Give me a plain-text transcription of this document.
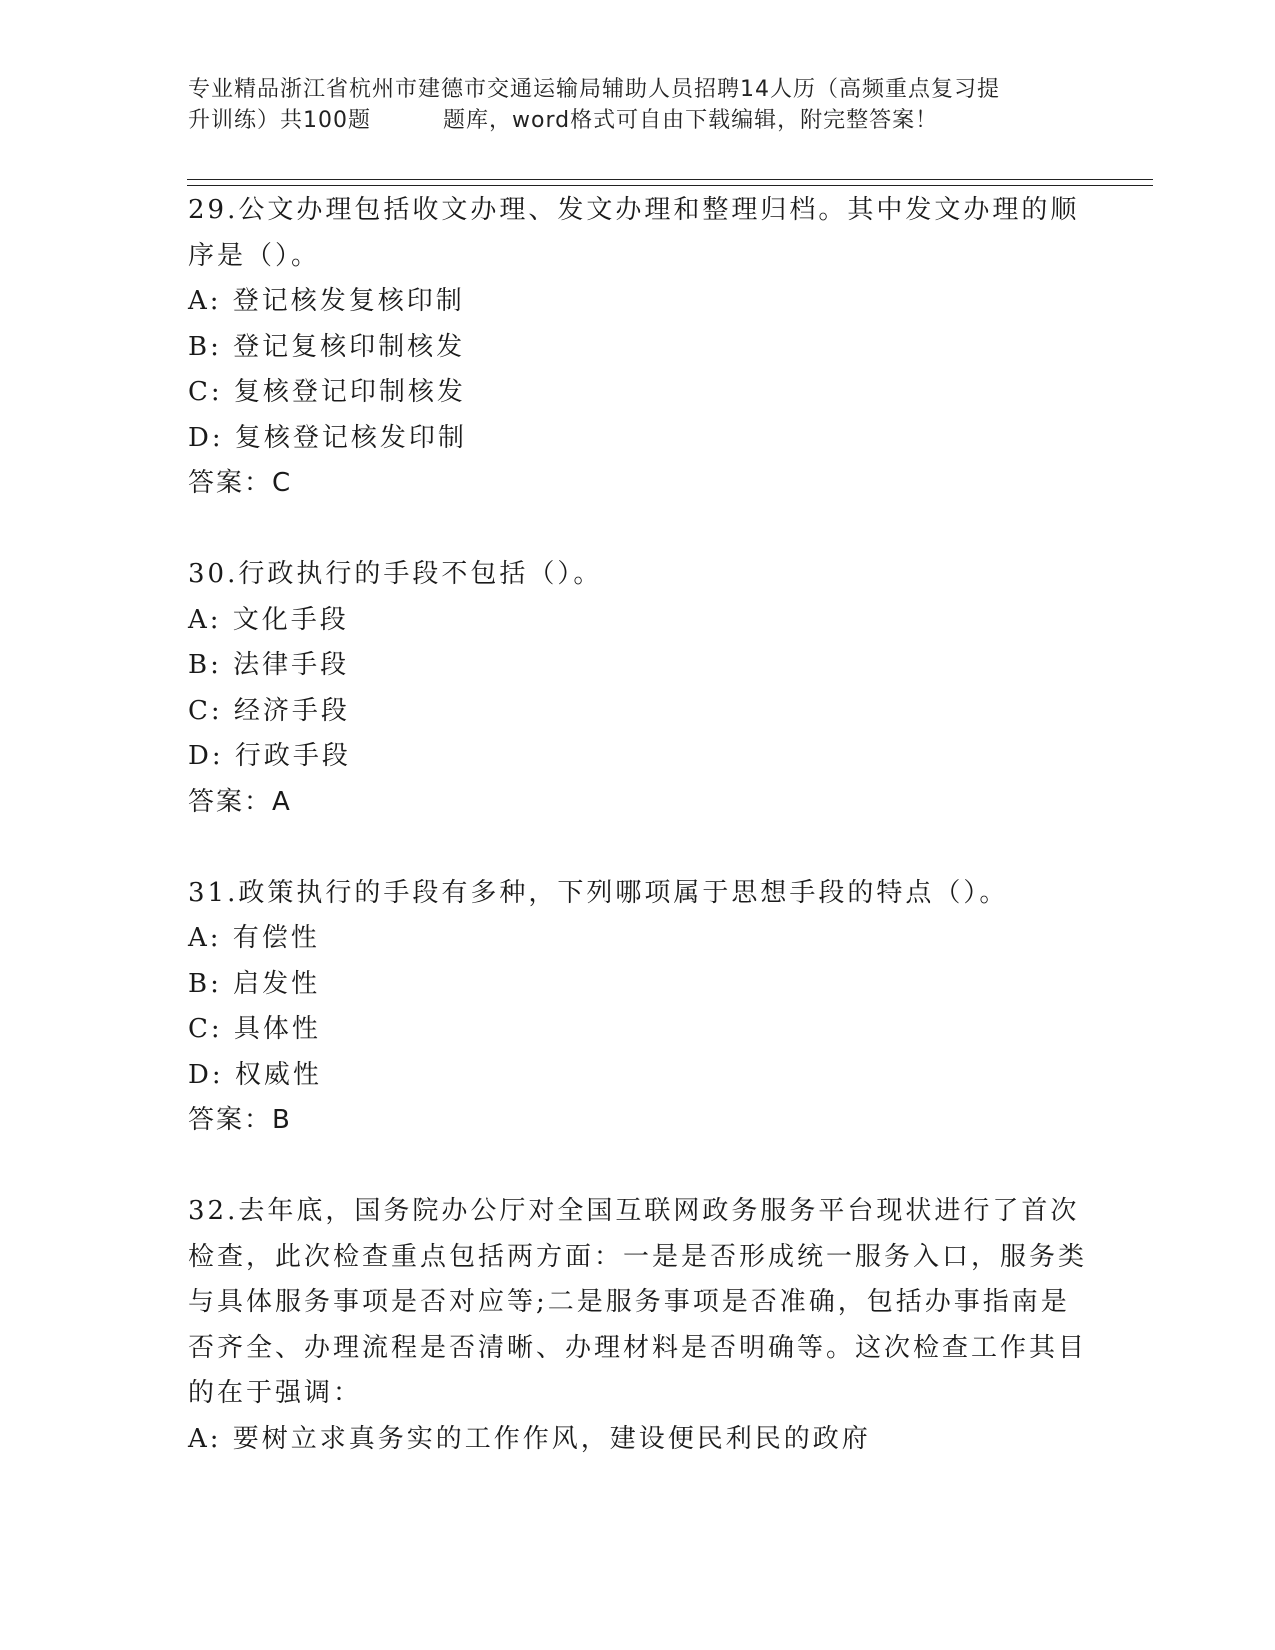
专业精品浙江省杭州市建德市交通运输局辅助人员招聘14人历（高频重点复习提
升训练）共100题	题库，word格式可自由下载编辑，附完整答案！
29.公文办理包括收文办理、发文办理和整理归档。其中发文办理的顺序是（）。
A: 登记核发复核印制
B: 登记复核印制核发
C: 复核登记印制核发
D: 复核登记核发印制
答案：C
30.行政执行的手段不包括（）。
A: 文化手段
B: 法律手段
C: 经济手段
D: 行政手段
答案：A
31.政策执行的手段有多种，下列哪项属于思想手段的特点（）。
A: 有偿性
B: 启发性
C: 具体性
D: 权威性
答案：B
32.去年底，国务院办公厅对全国互联网政务服务平台现状进行了首次检查，此次检查重点包括两方面：一是是否形成统一服务入口，服务类与具体服务事项是否对应等;二是服务事项是否准确，包括办事指南是否齐全、办理流程是否清晰、办理材料是否明确等。这次检查工作其目的在于强调：
A: 要树立求真务实的工作作风，建设便民利民的政府
